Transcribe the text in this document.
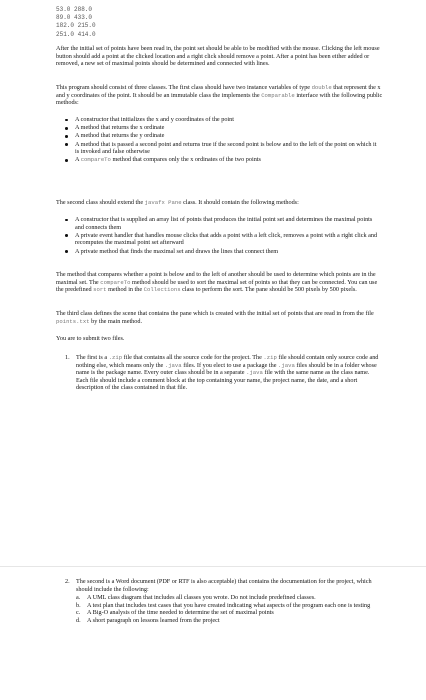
53.0 288.0
89.0 433.0
182.0 215.0
251.0 414.0

After the initial set of points have been read in, the point set should be able to be modified with the mouse. Clicking the left mouse button should add a point at the clicked location and a right click should remove a point. After a point has been either added or removed, a new set of maximal points should be determined and connected with lines.

This program should consist of three classes. The first class should have two instance variables of type double that represent the x and y coordinates of the point. It should be an immutable class the implements the Comparable interface with the following public methods:

A constructor that initializes the x and y coordinates of the point
A method that returns the x ordinate
A method that returns the y ordinate
A method that is passed a second point and returns true if the second point is below and to the left of the point on which it is invoked and false otherwise
A compareTo method that compares only the x ordinates of the two points

The second class should extend the javafx Pane class. It should contain the following methods:

A constructor that is supplied an array list of points that produces the initial point set and determines the maximal points and connects them
A private event handler that handles mouse clicks that adds a point with a left click, removes a point with a right click and recomputes the maximal point set afterward
A private method that finds the maximal set and draws the lines that connect them

The method that compares whether a point is below and to the left of another should be used to determine which points are in the maximal set. The compareTo method should be used to sort the maximal set of points so that they can be connected. You can use the predefined sort method in the Collections class to perform the sort. The pane should be 500 pixels by 500 pixels.

The third class defines the scene that contains the pane which is created with the initial set of points that are read in from the file points.txt by the main method.

You are to submit two files.

1. The first is a .zip file that contains all the source code for the project. The .zip file should contain only source code and nothing else, which means only the .java files. If you elect to use a package the .java files should be in a folder whose name is the package name. Every outer class should be in a separate .java file with the same name as the class name. Each file should include a comment block at the top containing your name, the project name, the date, and a short description of the class contained in that file.
2. The second is a Word document (PDF or RTF is also acceptable) that contains the documentation for the project, which should include the following:
a. A UML class diagram that includes all classes you wrote. Do not include predefined classes.
b. A test plan that includes test cases that you have created indicating what aspects of the program each one is testing
c. A Big-O analysis of the time needed to determine the set of maximal points
d. A short paragraph on lessons learned from the project
